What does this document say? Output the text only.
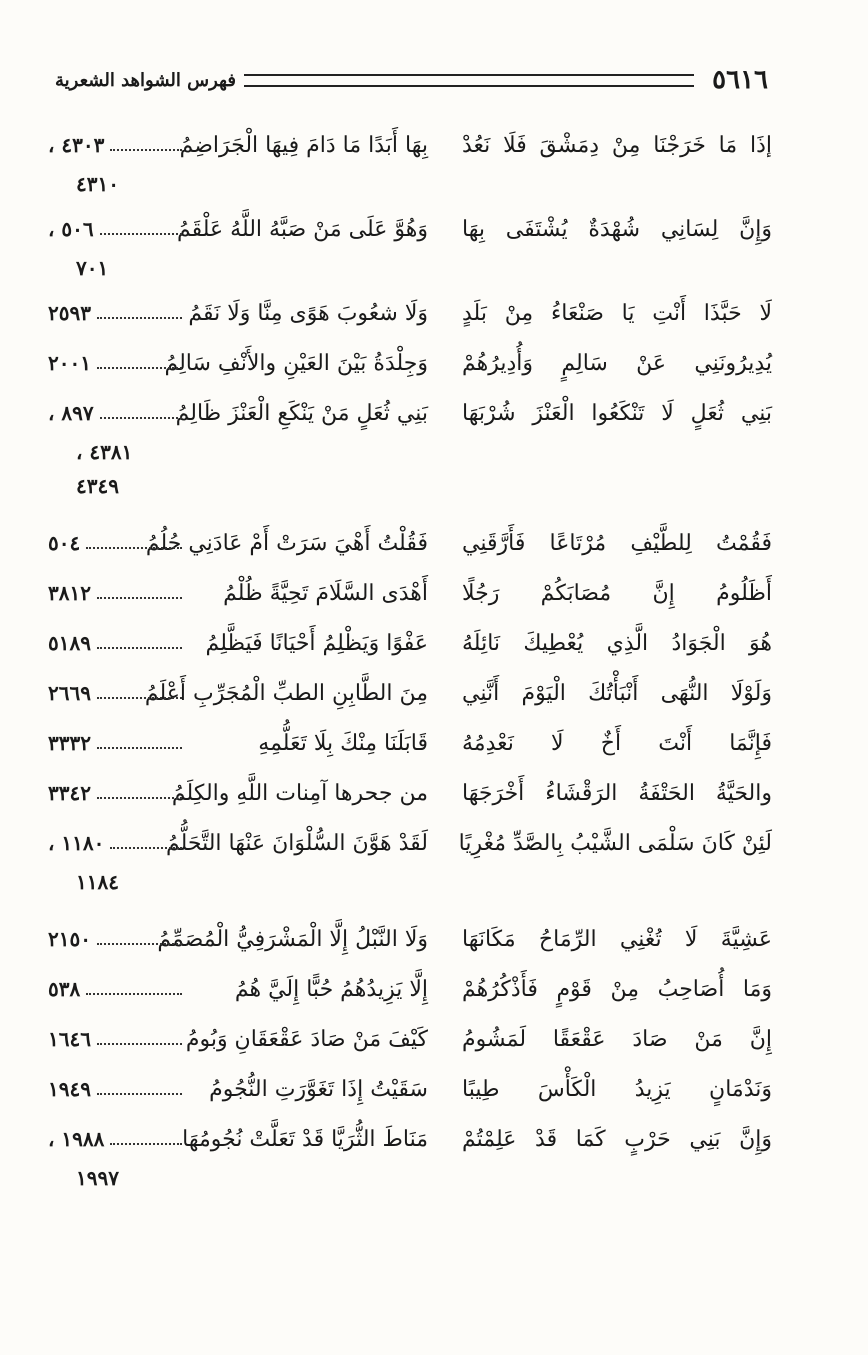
٥٦١٦
فهرس الشواهد الشعرية
إذَا مَا خَرَجْنَا مِنْ دِمَشْقَ فَلَا نَعُدْ
بِهَا أَبَدًا مَا دَامَ فِيهَا الْجَرَاضِمُ
٤٣٠٣ ،
٤٣١٠
وَإِنَّ لِسَانِي شُهْدَةٌ يُشْتَفَى بِهَا
وَهُوَّ عَلَى مَنْ صَبَّهُ اللَّهُ عَلْقَمُ
٥٠٦ ،
٧٠١
لَا حَبَّذَا أَنْتِ يَا صَنْعَاءُ مِنْ بَلَدٍ
وَلَا شعُوبَ هَوًى مِنَّا وَلَا نَقَمُ
٢٥٩٣
يُدِيرُونَنِي عَنْ سَالِمٍ وَأُدِيرُهُمْ
وَجِلْدَةُ بَيْنَ العَيْنِ والأَنْفِ سَالِمُ
٢٠٠١
بَنِي ثُعَلٍ لَا تَنْكَعُوا الْعَنْزَ شُرْبَهَا
بَنِي ثُعَلٍ مَنْ يَنْكَعِ الْعَنْزَ ظَالِمُ
٨٩٧ ،
٤٣٨١ ،
٤٣٤٩
فَقُمْتُ لِلطَّيْفِ مُرْتَاعًا فَأَرَّقَنِي
فَقُلْتُ أَهْيَ سَرَتْ أَمْ عَادَنِي حُلُمُ
٥٠٤
أَظَلُومُ إِنَّ مُصَابَكُمْ رَجُلًا
أَهْدَى السَّلَامَ تَحِيَّةً ظُلْمُ
٣٨١٢
هُوَ الْجَوَادُ الَّذِي يُعْطِيكَ نَائِلَهُ
عَفْوًا وَيَظْلِمُ أَحْيَانًا فَيَظَّلِمُ
٥١٨٩
وَلَوْلَا النُّهَى أَنْبَأْتُكَ الْيَوْمَ أَنَّنِي
مِنَ الطَّابِنِ الطبِّ الْمُجَرِّبِ أَعْلَمُ
٢٦٦٩
فَإِنَّمَا أَنْتَ أَخٌ لَا نَعْدِمُهُ
قَابَلَنَا مِنْكَ بِلَا تَعَلُّمِهِ
٣٣٣٢
والحَيَّةُ الحَتْفَةُ الرَقْشَاءُ أَخْرَجَهَا
من جحرها آمِنات اللَّهِ والكِلَمُ
٣٣٤٢
لَئِنْ كَانَ سَلْمَى الشَّيْبُ بِالصَّدِّ مُغْرِيًا
لَقَدْ هَوَّنَ السُّلْوَانَ عَنْهَا التَّحَلُّمُ
١١٨٠ ،
١١٨٤
عَشِيَّةَ لَا تُغْنِي الرِّمَاحُ مَكَانَهَا
وَلَا النَّبْلُ إِلَّا الْمَشْرَفِيُّ الْمُصَمِّمُ
٢١٥٠
وَمَا أُصَاحِبُ مِنْ قَوْمٍ فَأَذْكُرُهُمْ
إِلَّا يَزِيدُهُمُ حُبًّا إِلَيَّ هُمُ
٥٣٨
إِنَّ مَنْ صَادَ عَقْعَقًا لَمَشُومُ
كَيْفَ مَنْ صَادَ عَقْعَقَانِ وَبُومُ
١٦٤٦
وَنَدْمَانٍ يَزِيدُ الْكَأْسَ طِيبًا
سَقَيْتُ إِذَا تَغَوَّرَتِ النُّجُومُ
١٩٤٩
وَإِنَّ بَنِي حَرْبٍ كَمَا قَدْ عَلِمْتُمْ
مَنَاطَ الثُّرَيَّا قَدْ تَعَلَّتْ نُجُومُهَا
١٩٨٨ ،
١٩٩٧
